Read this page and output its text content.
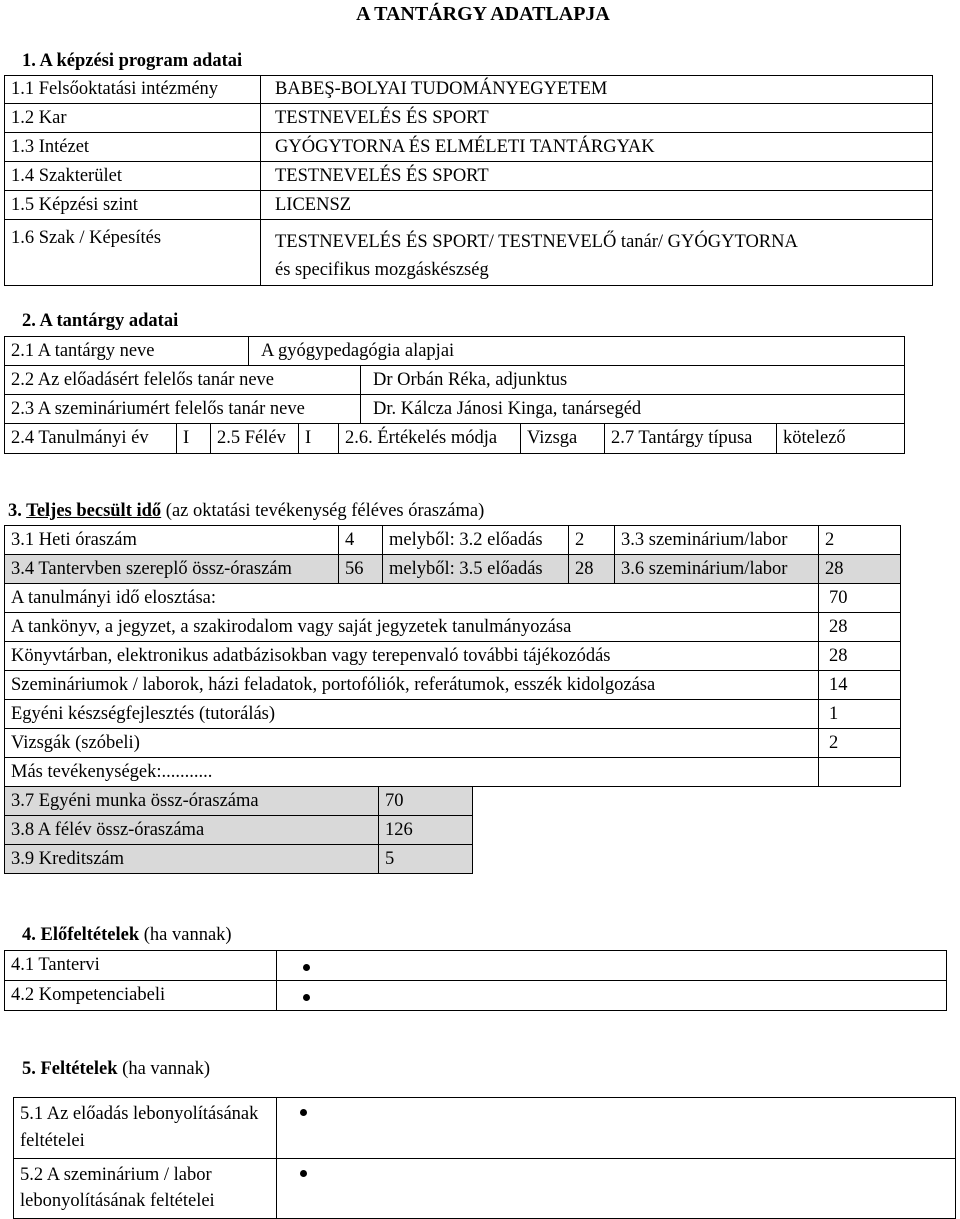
A TANTÁRGY ADATLAPJA
1. A képzési program adatai
1.1 Felsőoktatási intézmény	BABEŞ-BOLYAI TUDOMÁNYEGYETEM
1.2 Kar	TESTNEVELÉS ÉS SPORT
1.3 Intézet	GYÓGYTORNA ÉS ELMÉLETI TANTÁRGYAK
1.4 Szakterület	TESTNEVELÉS ÉS SPORT
1.5 Képzési szint	LICENSZ
1.6 Szak / Képesítés	TESTNEVELÉS ÉS SPORT/ TESTNEVELŐ tanár/ GYÓGYTORNA
és specifikus mozgáskészség
2. A tantárgy adatai
2.1 A tantárgy neve	A gyógypedagógia alapjai
2.2 Az előadásért felelős tanár neve	Dr Orbán Réka, adjunktus
2.3 A szemináriumért felelős tanár neve	Dr. Kálcza Jánosi Kinga, tanársegéd
2.4 Tanulmányi év	I	2.5 Félév	I	2.6. Értékelés módja	Vizsga	2.7 Tantárgy típusa	kötelező
3. Teljes becsült idő (az oktatási tevékenység féléves óraszáma)
3.1 Heti óraszám	4	melyből: 3.2 előadás	2	3.3 szeminárium/labor	2
3.4 Tantervben szereplő össz-óraszám	56	melyből: 3.5 előadás	28	3.6 szeminárium/labor	28
A tanulmányi idő elosztása:	70
A tankönyv, a jegyzet, a szakirodalom vagy saját jegyzetek tanulmányozása	28
Könyvtárban, elektronikus adatbázisokban vagy terepenvaló további tájékozódás	28
Szemináriumok / laborok, házi feladatok, portofóliók, referátumok, esszék kidolgozása	14
Egyéni készségfejlesztés (tutorálás)	1
Vizsgák (szóbeli)	2
Más tevékenységek:...........	
3.7 Egyéni munka össz-óraszáma	70
3.8 A félév össz-óraszáma	126
3.9 Kreditszám	5
4. Előfeltételek (ha vannak)
4.1 Tantervi	

4.2 Kompetenciabeli	
5. Feltételek (ha vannak)
5.1 Az előadás lebonyolításának feltételei	

5.2 A szeminárium / labor lebonyolításának feltételei	
